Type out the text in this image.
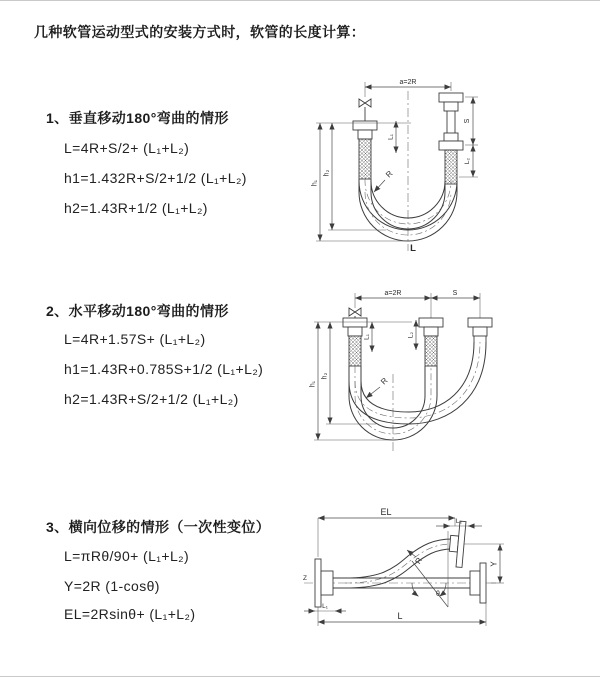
几种软管运动型式的安装方式时，软管的长度计算：
1、垂直移动180°弯曲的情形
L=4R+S/2+ (L₁+L₂)
h1=1.432R+S/2+1/2 (L₁+L₂)
h2=1.43R+1/2 (L₁+L₂)
a=2R
S
L₂
h₁
h₂
L₁
R
L
2、水平移动180°弯曲的情形
L=4R+1.57S+ (L₁+L₂)
h1=1.43R+0.785S+1/2 (L₁+L₂)
h2=1.43R+S/2+1/2 (L₁+L₂)
a=2R	S
h₁
h₂
L₁	L₂
R
3、横向位移的情形（一次性变位）
L=πRθ/90+ (L₁+L₂)
Y=2R (1-cosθ)
EL=2Rsinθ+ (L₁+L₂)
Z
EL
L₂
Y
L
L₁
θ
R
